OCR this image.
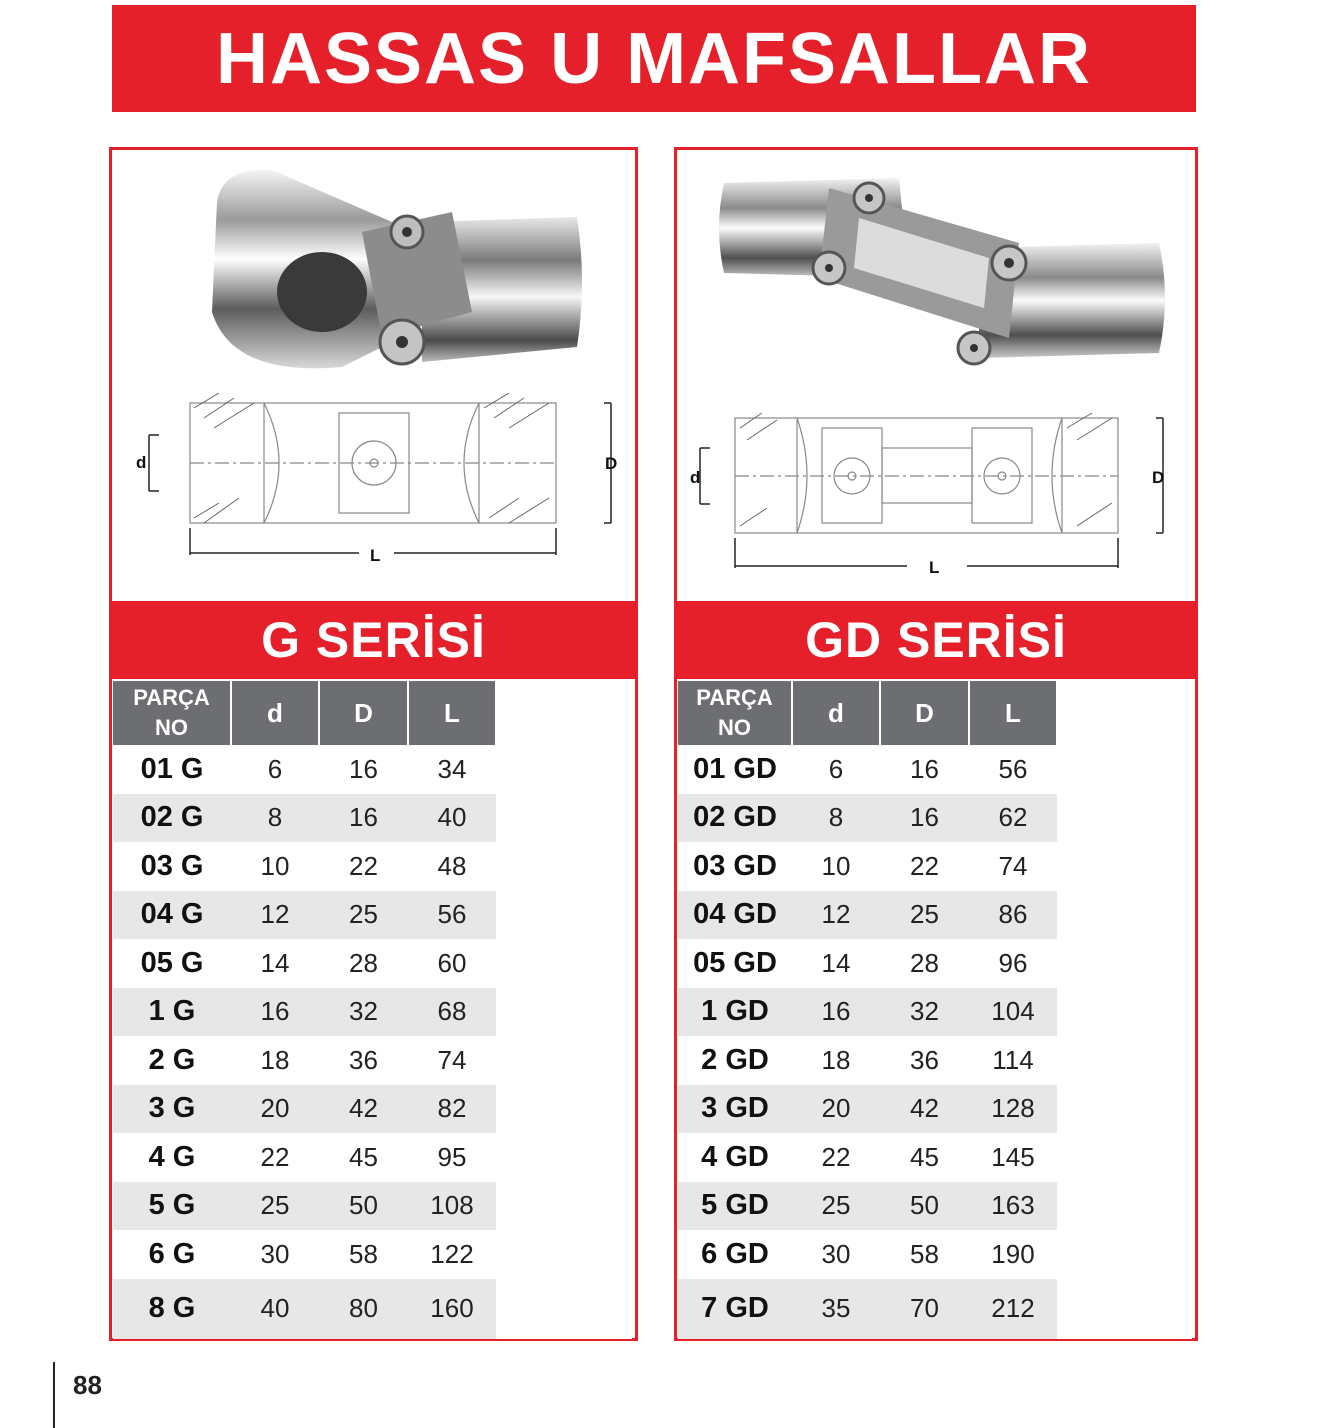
HASSAS U MAFSALLAR
d	D
L
G SERİSİ
PARÇA
NO	d	D	L	
01 G	6	16	34	
02 G	8	16	40	
03 G	10	22	48	
04 G	12	25	56	
05 G	14	28	60	
1 G	16	32	68	
2 G	18	36	74	
3 G	20	42	82	
4 G	22	45	95	
5 G	25	50	108	
6 G	30	58	122	
8 G	40	80	160	
d	D
L
GD SERİSİ
PARÇA
NO	d	D	L	
01 GD	6	16	56	
02 GD	8	16	62	
03 GD	10	22	74	
04 GD	12	25	86	
05 GD	14	28	96	
1 GD	16	32	104	
2 GD	18	36	114	
3 GD	20	42	128	
4 GD	22	45	145	
5 GD	25	50	163	
6 GD	30	58	190	
7 GD	35	70	212	
88
